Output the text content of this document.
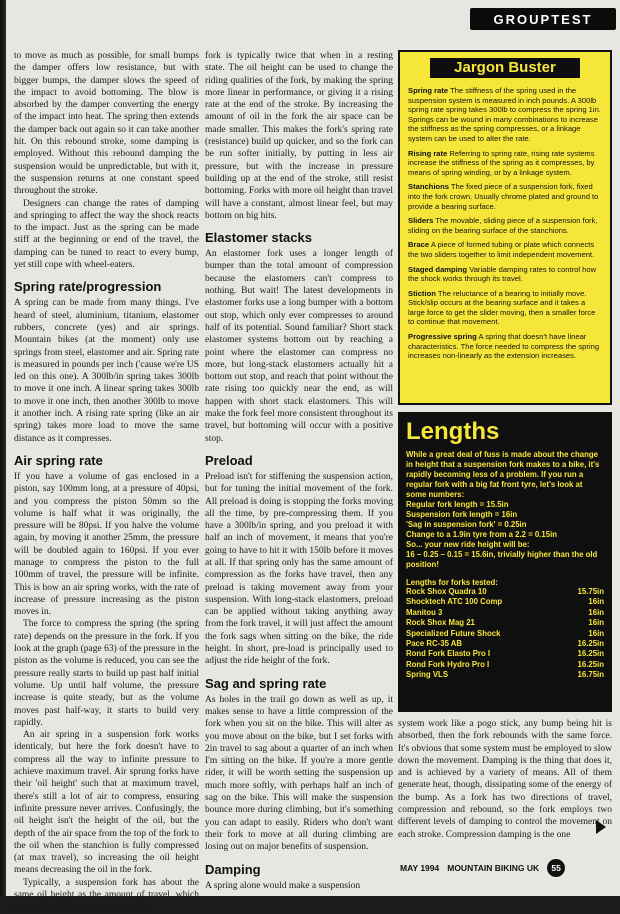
GROUPTEST

to move as much as possible, for small bumps the damper offers low resistance, but with bigger bumps, the damper slows the speed of the impact to avoid bottoming. The blow is absorbed by the damper converting the energy of the impact into heat. The spring then extends the damper back out again so it can take another hit. On this rebound stroke, some damping is employed. Without this rebound damping the suspension would be unpredictable, but with it, the suspension returns at one constant speed throughout the stroke.

Designers can change the rates of damping and springing to affect the way the shock reacts to the impact. Just as the spring can be made stiff at the beginning or end of the travel, the damping can be tuned to react to every bump, yet still cope with wheel-eaters.

Spring rate/progression

A spring can be made from many things. I've heard of steel, aluminium, titanium, elastomer rubbers, concrete (yes) and air springs. Mountain bikes (at the moment) only use springs from steel, elastomer and air. Spring rate is measured in pounds per inch ('cause we're US led on this one). A 300lb/in spring takes 300lb to move it one inch. A linear spring takes 300lb to move it one inch, then another 300lb to move it another inch. A rising rate spring (like an air spring) takes more load to move the same distance as it compresses.

Air spring rate

If you have a volume of gas enclosed in a piston, say 100mm long, at a pressure of 40psi, and you compress the piston 50mm so the volume is half what it was originally, the pressure will be 80psi. If you halve the volume again, by moving it another 25mm, the pressure will be doubled again to 160psi. If you ever manage to compress the piston to the full 100mm of travel, the pressure will be infinite. This is how an air spring works, with the rate of increase of pressure increasing as the piston moves in.

The force to compress the spring (the spring rate) depends on the pressure in the fork. If you look at the graph (page 63) of the pressure in the piston as the volume is reduced, you can see the pressure really starts to build up past half initial volume. Up until half volume, the pressure increase is quite steady, but as the volume moves past half-way, it starts to build very rapidly.

An air spring in a suspension fork works identicaly, but here the fork doesn't have to compress all the way to infinite pressure to achieve maximum travel. Air sprung forks have their 'oil height' such that at maximum travel, there's still a lot of air to compress, ensuring infinite pressure never arrives. Confusingly, the oil height isn't the height of the oil, but the depth of the air space from the top of the fork to the oil when the stanchion is fully compressed (at max travel), so increasing the oil height means decreasing the oil in the fork.

Typically, a suspension fork has about the same oil height as the amount of travel, which means the maximum pressure in the

fork is typically twice that when in a resting state. The oil height can be used to change the riding qualities of the fork, by making the spring more linear in performance, or giving it a rising rate at the end of the stroke. By increasing the amount of oil in the fork the air space can be made smaller. This makes the fork's spring rate (resistance) build up quicker, and so the fork can be run softer initially, by putting in less air pressure, but with the increase in pressure building up at the end of the stroke, still resist bottoming. Forks with more oil height than travel will have a constant, almost linear feel, but may bottom on big hits.

Elastomer stacks

An elastomer fork uses a longer length of bumper than the total amount of compression because the elastomers can't compress to nothing. But wait! The latest developments in elastomer forks use a long bumper with a bottom out stop, which only ever compresses to around half of its potential. Sound familiar? Short stack elastomer systems bottom out by reaching a point where the elastomer can compress no more, but long-stack elastomers actually hit a bottom out stop, and reach that point without the rate rising too quickly near the end, as will happen with short stack elastomers. This will make the fork feel more consistent throughout its travel, but bottoming will occur with a positive stop.

Preload

Preload isn't for stiffening the suspension action, but for tuning the initial movement of the fork. All preload is doing is stopping the forks moving all the time, by pre-compressing them. If you have a 300lb/in spring, and you preload it with half an inch of movement, it means that you're going to have to hit it with 150lb before it moves at all. If that spring only has the same amount of compression as the forks have travel, then any preload is taking movement away from your suspension. With long-stack elastomers, preload can be applied without taking anything away from the fork travel, it will just affect the amount the fork sags when sitting on the bike, the ride height. In short, pre-load is principally used to adjust the ride height of the fork.

Sag and spring rate

As holes in the trail go down as well as up, it makes sense to have a little compression of the fork when you sit on the bike. This will alter as you move about on the bike, but I set forks with 2in travel to sag about a quarter of an inch when I'm sitting on the bike. If you're a more gentle rider, it will be worth setting the suspension up much more softly, with perhaps half an inch of sag on the bike. This will make the suspension bounce more during climbing, but it's something you can adapt to easily. Riders who don't want their fork to move at all during climbing are losing out on major benefits of suspension.

Damping

A spring alone would make a suspension

Jargon Buster
Spring rate The stiffness of the spring used in the suspension system is measured in inch pounds. A 300lb spring rate spring takes 300lb to compress the spring 1in. Springs can be wound in many combinations to increase the stiffness as the spring compresses, or a linkage system can be used to alter the rate.
Rising rate Referring to spring rate, rising rate systems increase the stiffness of the spring as it compresses, by means of spring winding, or by a linkage system.
Stanchions The fixed piece of a suspension fork, fixed into the fork crown. Usually chrome plated and ground to provide a bearing surface.
Sliders The movable, sliding piece of a suspension fork, sliding on the bearing surface of the stanchions.
Brace A piece of formed tubing or plate which connects the two sliders together to limit independent movement.
Staged damping Variable damping rates to control how the shock works through its travel.
Stiction The reluctance of a bearing to initially move. Stick/slip occurs at the bearing surface and it takes a large force to get the slider moving, then a smaller force to continue that movement.
Progressive spring A spring that doesn't have linear characteristics. The force needed to compress the spring increases non-linearly as the extension increases.
Lengths
While a great deal of fuss is made about the change in height that a suspension fork makes to a bike, it's rapidly becoming less of a problem. If you run a regular fork with a big fat front tyre, let's look at some numbers:
Regular fork length = 15.5in
Suspension fork length = 16in
'Sag in suspension fork' = 0.25in
Change to a 1.9in tyre from a 2.2 = 0.15in
So... your new ride height will be:
16 – 0.25 – 0.15 = 15.6in, trivially higher than the old position!
Lengths for forks tested:
Rock Shox Quadra 10	15.75in
Shocktech ATC 100 Comp	16in
Manitou 3	16in
Rock Shox Mag 21	16in
Specialized Future Shock	16in
Pace RC-35 AB	16.25in
Rond Fork Elasto Pro I	16.25in
Rond Fork Hydro Pro I	16.25in
Spring VLS	16.75in

system work like a pogo stick, any bump being hit is absorbed, then the fork rebounds with the same force. It's obvious that some system must be employed to slow down the movement. Damping is the thing that does it, and is achieved by a variety of means. All of them generate heat, though, dissipating some of the energy of the bump. As a fork has two directions of travel, compression and rebound, so the fork employs two different levels of damping to control the movement on each stroke. Compression damping is the one

MAY 1994 MOUNTAIN BIKING UK	55
